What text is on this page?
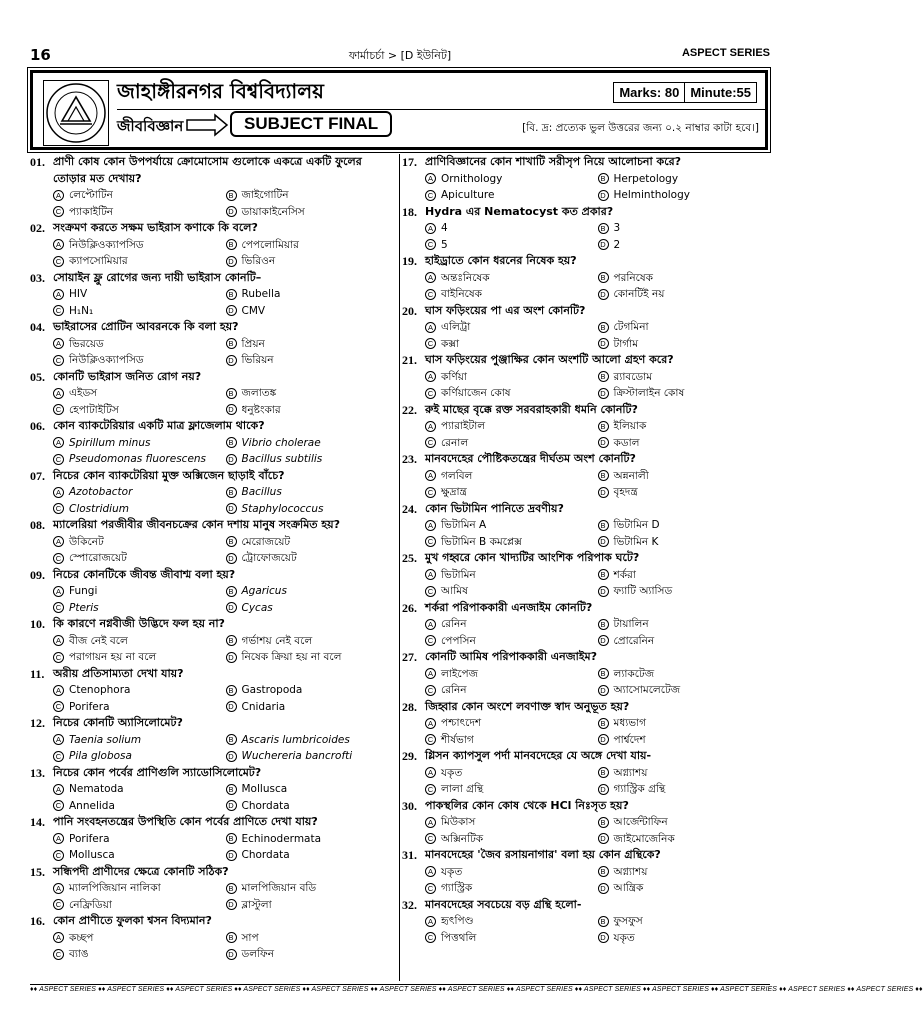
16	ফার্মাচর্চা > [D ইউনিট]	ASPECT SERIES
জাহাঙ্গীরনগর বিশ্ববিদ্যালয়	Marks: 80 Minute:55
জীববিজ্ঞান	SUBJECT FINAL	[বি. দ্র: প্রত্যেক ভুল উত্তরের জন্য ০.২ নাম্বার কাটা হবে।]
01. প্রাণী কোষ কোন উপপর্যায়ে ক্রোমোসোম গুলোকে একত্রে একটি ফুলের তোড়ার মত দেখায়?
A লেপ্টোটিন	B জাইগোটিন
C প্যাকাইটিন	D ডায়াকাইনেসিস
02. সংক্রমণ করতে সক্ষম ভাইরাস কণাকে কি বলে?
A নিউক্লিওক্যাপসিড	B পেপলোমিয়ার
C ক্যাপসোমিয়ার	D ভিরিওন
03. সোয়াইন ফ্লু রোগের জন্য দায়ী ভাইরাস কোনটি–
A HIV	B Rubella
C H₁N₁	D CMV
04. ভাইরাসের প্রোটিন আবরনকে কি বলা হয়?
A ভিরয়েড	B প্রিয়ন
C নিউক্লিওক্যাপসিড	D ভিরিয়ন
05. কোনটি ভাইরাস জনিত রোগ নয়?
A এইডস	B জলাতঙ্ক
C হেপাটাইটিস	D ধনুষ্টংকার
06. কোন ব্যাকটেরিয়ার একটি মাত্র ফ্লাজেলাম থাকে?
A Spirillum minus	B Vibrio cholerae
C Pseudomonas fluorescens	D Bacillus subtilis
07. নিচের কোন ব্যাকটেরিয়া মুক্ত অক্সিজেন ছাড়াই বাঁচে?
A Azotobactor	B Bacillus
C Clostridium	D Staphylococcus
08. ম্যালেরিয়া পরজীবীর জীবনচক্রের কোন দশায় মানুষ সংক্রমিত হয়?
A উকিনেট	B মেরোজয়েট
C স্পোরোজয়েট	D ট্রোফোজয়েট
09. নিচের কোনটিকে জীবন্ত জীবাশ্ম বলা হয়?
A Fungi	B Agaricus
C Pteris	D Cycas
10. কি কারণে নগ্নবীজী উদ্ভিদে ফল হয় না?
A বীজ নেই বলে	B গর্ভাশয় নেই বলে
C পরাগায়ন হয় না বলে	D নিষেক ক্রিয়া হয় না বলে
11. অরীয় প্রতিসাম্যতা দেখা যায়?
A Ctenophora	B Gastropoda
C Porifera	D Cnidaria
12. নিচের কোনটি অ্যাসিলোমেট?
A Taenia solium	B Ascaris lumbricoides
C Pila globosa	D Wuchereria bancrofti
13. নিচের কোন পর্বের প্রাণিগুলি স্যাডোসিলোমেট?
A Nematoda	B Mollusca
C Annelida	D Chordata
14. পানি সংবহনতন্ত্রের উপস্থিতি কোন পর্বের প্রাণিতে দেখা যায়?
A Porifera	B Echinodermata
C Mollusca	D Chordata
15. সন্ধিপদী প্রাণীদের ক্ষেত্রে কোনটি সঠিক?
A ম্যালপিজিয়ান নালিকা	B মালপিজিয়ান বডি
C নেফ্রিডিয়া	D ব্লাস্টুলা
16. কোন প্রাণীতে ফুলকা শ্বসন বিদ্যমান?
A কচ্ছপ	B সাপ
C ব্যাঙ	D ডলফিন
17. প্রাণিবিজ্ঞানের কোন শাখাটি সরীসৃপ নিয়ে আলোচনা করে?
A Ornithology	B Herpetology
C Apiculture	D Helminthology
18. Hydra এর Nematocyst কত প্রকার?
A 4	B 3
C 5	D 2
19. হাইড্রাতে কোন ধরনের নিষেক হয়?
A অন্তঃনিষেক	B পরনিষেক
C বাইনিষেক	D কোনটিই নয়
20. ঘাস ফড়িংয়ের পা এর অংশ কোনটি?
A এলিট্রা	B টেগমিনা
C কক্সা	D টার্গাম
21. ঘাস ফড়িংয়ের পুঞ্জাক্ষির কোন অংশটি আলো গ্রহণ করে?
A কর্ণিয়া	B র‍্যাবডোম
C কর্ণিয়াজেন কোষ	D ক্রিস্টালাইন কোষ
22. রুই মাছের বৃক্কে রক্ত সরবরাহকারী ধমনি কোনটি?
A প্যারাইটাল	B ইলিয়াক
C রেনাল	D কডাল
23. মানবদেহের পৌষ্টিকতন্ত্রের দীর্ঘতম অংশ কোনটি?
A গলবিল	B অন্ননালী
C ক্ষুদ্রান্ত্র	D বৃহদন্ত্র
24. কোন ভিটামিন পানিতে দ্রবণীয়?
A ভিটামিন A	B ভিটামিন D
C ভিটামিন B কমপ্লেক্স	D ভিটামিন K
25. মুখ গহ্বরে কোন খাদ্যটির আংশিক পরিপাক ঘটে?
A ভিটামিন	B শর্করা
C আমিষ	D ফ্যাটি অ্যাসিড
26. শর্করা পরিপাককারী এনজাইম কোনটি?
A রেনিন	B টায়ালিন
C পেপসিন	D প্রোরেনিন
27. কোনটি আমিষ পরিপাককারী এনজাইম?
A লাইপেজ	B ল্যাকটেজ
C রেনিন	D অ্যাসোমলেটেজ
28. জিহ্বার কোন অংশে লবণাক্ত স্বাদ অনুভূত হয়?
A পশ্চাৎদেশ	B মধ্যভাগ
C শীর্ষভাগ	D পার্শ্বদেশ
29. গ্লিসন ক্যাপসুল পর্দা মানবদেহের যে অঙ্গে দেখা যায়-
A যকৃত	B অগ্ন্যাশয়
C লালা গ্রন্থি	D গ্যাস্ট্রিক গ্রন্থি
30. পাকস্থলির কোন কোষ থেকে HCl নিঃসৃত হয়?
A মিউকাস	B আর্জেন্টাফিন
C অক্সিনটিক	D জাইমোজেনিক
31. মানবদেহের 'জৈব রসায়নাগার' বলা হয় কোন গ্রন্থিকে?
A যকৃত	B অগ্ন্যাশয়
C গ্যাস্ট্রিক	D আন্ত্রিক
32. মানবদেহের সবচেয়ে বড় গ্রন্থি হলো-
A হৃৎপিণ্ড	B ফুসফুস
C পিত্তথলি	D যকৃত
♦♦ ASPECT SERIES ♦♦ ASPECT SERIES ♦♦ ASPECT SERIES ♦♦ ASPECT SERIES ♦♦ ASPECT SERIES ♦♦ ASPECT SERIES ♦♦ ASPECT SERIES ♦♦ ASPECT SERIES ♦♦ ASPECT SERIES ♦♦ ASPECT SERIES ♦♦ ASPECT SERIES ♦♦ ASPECT SERIES ♦♦ ASPECT SERIES ♦♦
